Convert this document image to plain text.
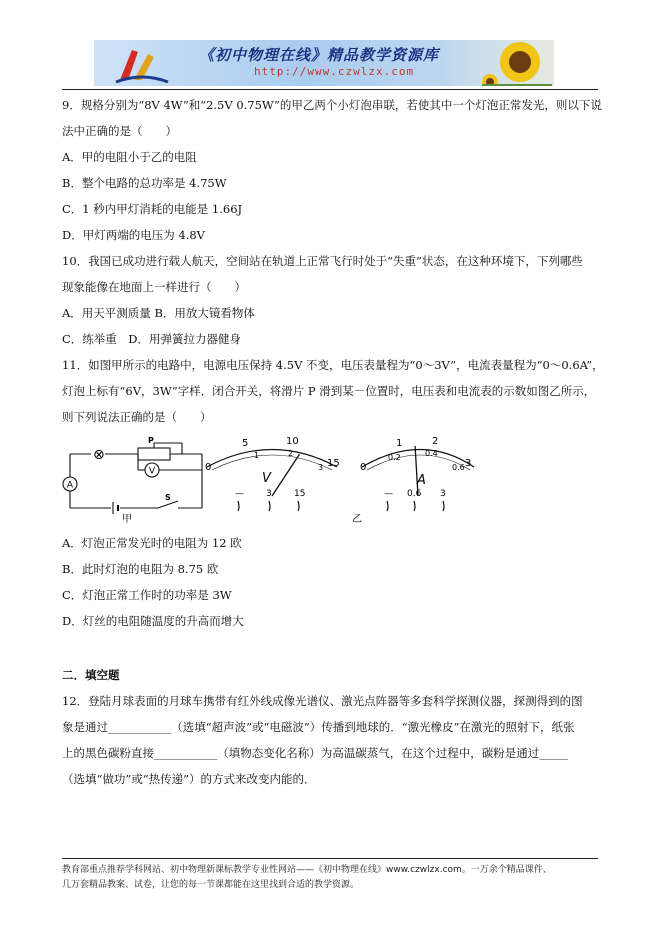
《初中物理在线》精品教学资源库
http://www.czwlzx.com

9．规格分别为“8V 4W”和“2.5V 0.75W”的甲乙两个小灯泡串联，若使其中一个灯泡正常发光，则以下说

法中正确的是（　　）

A．甲的电阻小于乙的电阻

B．整个电路的总功率是 4.75W

C．1 秒内甲灯消耗的电能是 1.66J

D．甲灯两端的电压为 4.8V

10．我国已成功进行载人航天，空间站在轨道上正常飞行时处于“失重”状态，在这种环境下，下列哪些

现象能像在地面上一样进行（　　）

A．用天平测质量 B．用放大镜看物体

C．练举重　D．用弹簧拉力器健身

11．如图甲所示的电路中，电源电压保持 4.5V 不变，电压表量程为“0～3V”，电流表量程为“0～0.6A”，

灯泡上标有“6V，3W”字样．闭合开关，将滑片 P 滑到某－位置时，电压表和电流表的示数如图乙所示，

则下列说法正确的是（　　）

⊗
A
V
P
S
甲
0
5	10
15
1	2
3
V
— 3 15
乙
0
1	2
3
0.2	0.4
0.6
A
— 0.6 3

A．灯泡正常发光时的电阻为 12 欧

B．此时灯泡的电阻为 8.75 欧

C．灯泡正常工作时的功率是 3W

D．灯丝的电阻随温度的升高而增大

二．填空题

12．登陆月球表面的月球车携带有红外线成像光谱仪、激光点阵器等多套科学探测仪器，探测得到的图

象是通过___________（选填“超声波”或“电磁波”）传播到地球的．“激光橡皮”在激光的照射下，纸张

上的黑色碳粉直接___________（填物态变化名称）为高温碳蒸气，在这个过程中，碳粉是通过_____

（选填“做功”或“热传递”）的方式来改变内能的．

教育部重点推荐学科网站、初中物理新课标教学专业性网站——《初中物理在线》www.czwlzx.com。一万余个精品课件、
几万套精品教案、试卷，让您的每一节课都能在这里找到合适的教学资源。
